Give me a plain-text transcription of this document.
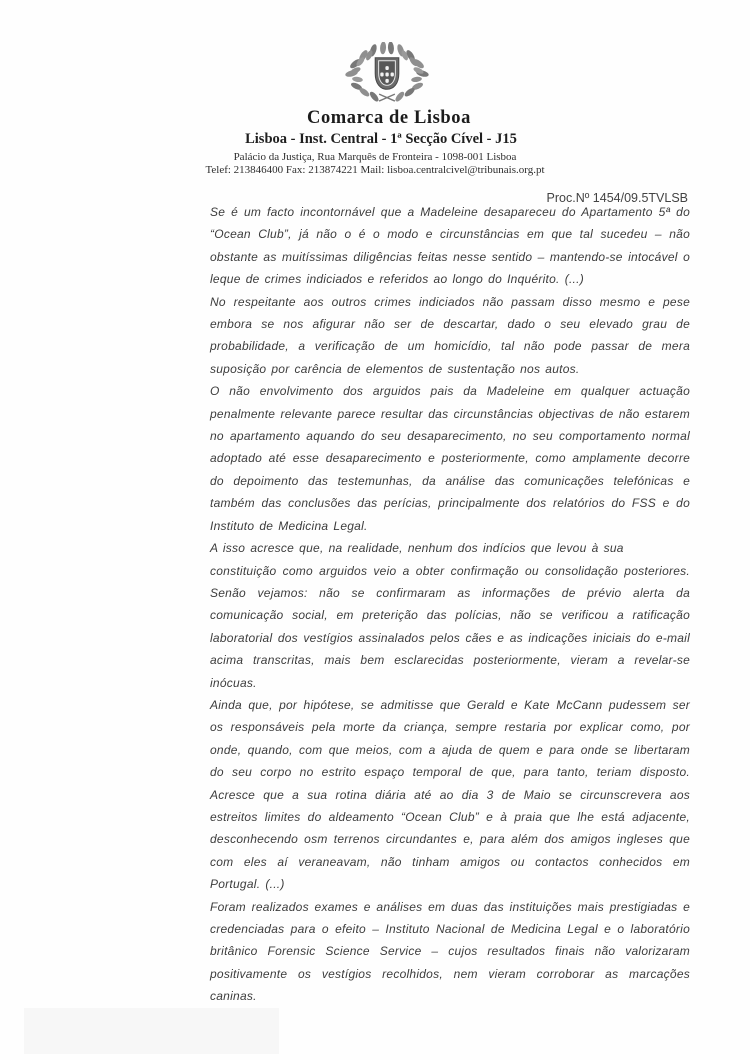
Comarca de Lisboa
Lisboa - Inst. Central - 1ª Secção Cível - J15
Palácio da Justiça, Rua Marquês de Fronteira - 1098-001 Lisboa
Telef: 213846400 Fax: 213874221 Mail: lisboa.centralcivel@tribunais.org.pt
Proc.Nº 1454/09.5TVLSB

Se é um facto incontornável que a Madeleine desapareceu do Apartamento 5ª do “Ocean Club”, já não o é o modo e circunstâncias em que tal sucedeu – não obstante as muitíssimas diligências feitas nesse sentido – mantendo-se intocável o leque de crimes indiciados e referidos ao longo do Inquérito. (...)

No respeitante aos outros crimes indiciados não passam disso mesmo e pese embora se nos afigurar não ser de descartar, dado o seu elevado grau de probabilidade, a verificação de um homicídio, tal não pode passar de mera suposição por carência de elementos de sustentação nos autos.

O não envolvimento dos arguidos pais da Madeleine em qualquer actuação penalmente relevante parece resultar das circunstâncias objectivas de não estarem no apartamento aquando do seu desaparecimento, no seu comportamento normal adoptado até esse desaparecimento e posteriormente, como amplamente decorre do depoimento das testemunhas, da análise das comunicações telefónicas e também das conclusões das perícias, principalmente dos relatórios do FSS e do Instituto de Medicina Legal.

A isso acresce que, na realidade, nenhum dos indícios que levou à sua

constituição como arguidos veio a obter confirmação ou consolidação posteriores. Senão vejamos: não se confirmaram as informações de prévio alerta da comunicação social, em preterição das polícias, não se verificou a ratificação laboratorial dos vestígios assinalados pelos cães e as indicações iniciais do e-mail acima transcritas, mais bem esclarecidas posteriormente, vieram a revelar-se inócuas.

Ainda que, por hipótese, se admitisse que Gerald e Kate McCann pudessem ser os responsáveis pela morte da criança, sempre restaria por explicar como, por onde, quando, com que meios, com a ajuda de quem e para onde se libertaram do seu corpo no estrito espaço temporal de que, para tanto, teriam disposto. Acresce que a sua rotina diária até ao dia 3 de Maio se circunscrevera aos estreitos limites do aldeamento “Ocean Club” e à praia que lhe está adjacente, desconhecendo osm terrenos circundantes e, para além dos amigos ingleses que com eles aí veraneavam, não tinham amigos ou contactos conhecidos em Portugal. (...)

Foram realizados exames e análises em duas das instituições mais prestigiadas e credenciadas para o efeito – Instituto Nacional de Medicina Legal e o laboratório britânico Forensic Science Service – cujos resultados finais não valorizaram positivamente os vestígios recolhidos, nem vieram corroborar as marcações caninas.
